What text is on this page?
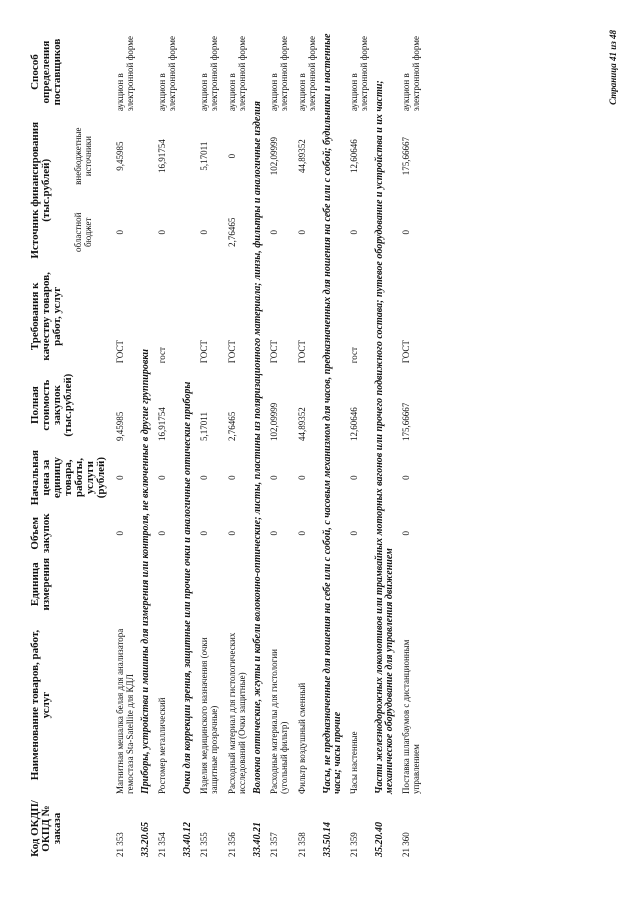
Код ОКДП/ ОКПД № заказа	Наименование товаров, работ, услуг	Единица измерения	Объем закупок	Начальная цена за единицу товара, работы, услуги (рублей)	Полная стоимость закупок (тыс.рублей)	Требования к качеству товаров, работ, услуг	Источник финансирования (тыс.рублей)		Способ определения поставщиков
							областной бюджет	внебюджетные источники	
21 353	Магнитная мешалка белая для анализатора гемостаза Sta-Satellite для КДЛ		0	0	9,45985	ГОСТ	0	9,45985	аукцион в электронной форме
33.20.65	Приборы, устройства и машины для измерения или контроля, не включенные в другие группировки								
21 354	Ростомер металлический		0	0	16,91754	гост	0	16,91754	аукцион в электронной форме
33.40.12	Очки для коррекции зрения, защитные или прочие очки и аналогичные оптические приборы								
21 355	Изделия медицинского назначения (очки защитные прозрачные)		0	0	5,17011	ГОСТ	0	5,17011	аукцион в электронной форме
21 356	Расходный материал для гистологических исследований (Очки защитные)		0	0	2,76465	ГОСТ	2,76465	0	аукцион в электронной форме
33.40.21	Волокна оптические, жгуты и кабели волоконно-оптические; листы, пластины из поляризационного материала; линзы, фильтры и аналогичные изделия								
21 357	Расходные материалы для гистологии (угольный фильтр)		0	0	102,09999	ГОСТ	0	102,09999	аукцион в электронной форме
21 358	Фильтр воздушный сменный		0	0	44,89352	ГОСТ	0	44,89352	аукцион в электронной форме
33.50.14	Часы, не предназначенные для ношения на себе или с собой, с часовым механизмом для часов, предназначенных для ношения на себе или с собой; будильники и настенные часы; часы прочие								
21 359	Часы настенные		0	0	12,60646	гост	0	12,60646	аукцион в электронной форме
35.20.40	Части железнодорожных локомотивов или трамвайных моторных вагонов или прочего подвижного состава; путевое оборудование и устройства и их части; механическое оборудование для управления движением								
21 360	Поставка шлагбаумов с дистанционным управлением		0	0	175,66667	ГОСТ	0	175,66667	аукцион в электронной форме	Страница 41 из 48
